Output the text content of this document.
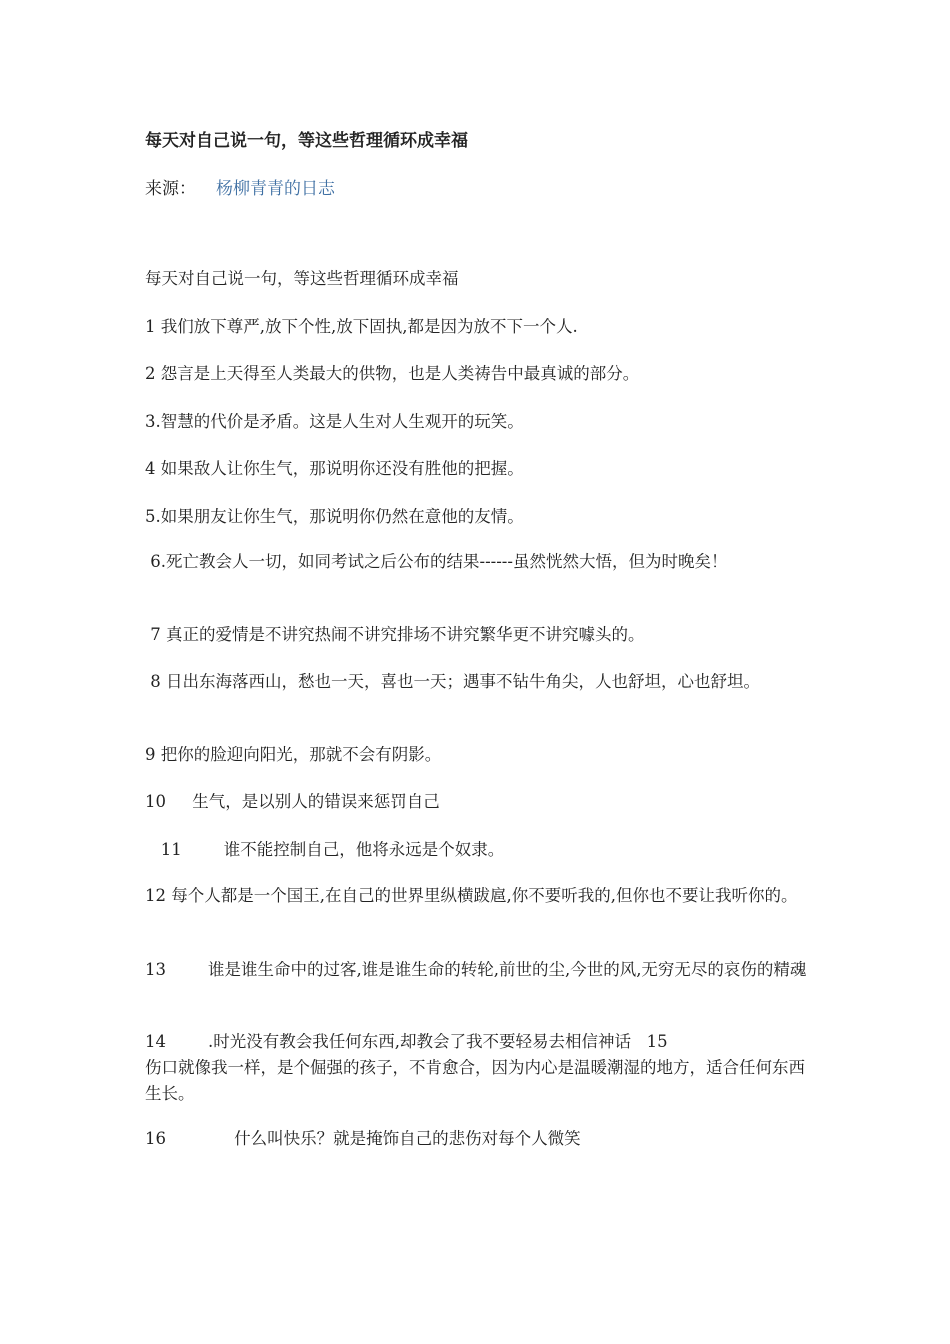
每天对自己说一句，等这些哲理循环成幸福
来源： 杨柳青青的日志
每天对自己说一句，等这些哲理循环成幸福
1 我们放下尊严,放下个性,放下固执,都是因为放不下一个人.
2 怨言是上天得至人类最大的供物，也是人类祷告中最真诚的部分。
3.智慧的代价是矛盾。这是人生对人生观开的玩笑。
4 如果敌人让你生气，那说明你还没有胜他的把握。
5.如果朋友让你生气，那说明你仍然在意他的友情。
6.死亡教会人一切，如同考试之后公布的结果------虽然恍然大悟，但为时晚矣！
7 真正的爱情是不讲究热闹不讲究排场不讲究繁华更不讲究噱头的。
8 日出东海落西山，愁也一天，喜也一天；遇事不钻牛角尖，人也舒坦，心也舒坦。
9 把你的脸迎向阳光，那就不会有阴影。
10     生气，是以别人的错误来惩罚自己
11        谁不能控制自己，他将永远是个奴隶。
12 每个人都是一个国王,在自己的世界里纵横跋扈,你不要听我的,但你也不要让我听你的。
13        谁是谁生命中的过客,谁是谁生命的转轮,前世的尘,今世的风,无穷无尽的哀伤的精魂
14        .时光没有教会我任何东西,却教会了我不要轻易去相信神话   15
伤口就像我一样，是个倔强的孩子，不肯愈合，因为内心是温暖潮湿的地方，适合任何东西生长。
16             什么叫快乐？就是掩饰自己的悲伤对每个人微笑
